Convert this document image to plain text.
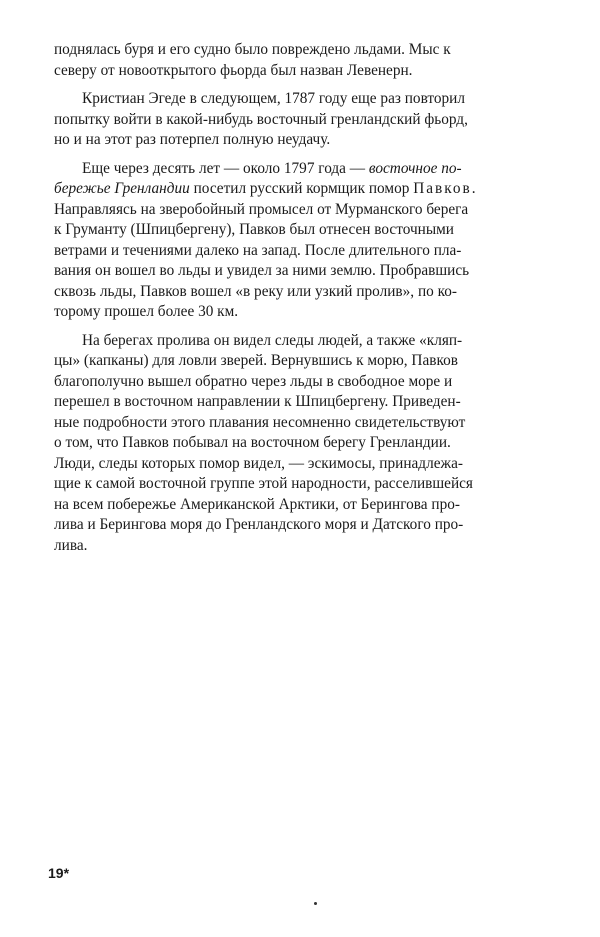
поднялась буря и его судно было повреждено льдами. Мыс к
северу от новооткрытого фьорда был назван Левенерн.

Кристиан Эгеде в следующем, 1787 году еще раз повторил
попытку войти в какой-нибудь восточный гренландский фьорд,
но и на этот раз потерпел полную неудачу.

Еще через десять лет — около 1797 года — восточное по-
бережье Гренландии посетил русский кормщик помор Павков.
Направляясь на зверобойный промысел от Мурманского берега
к Груманту (Шпицбергену), Павков был отнесен восточными
ветрами и течениями далеко на запад. После длительного пла-
вания он вошел во льды и увидел за ними землю. Пробравшись
сквозь льды, Павков вошел «в реку или узкий пролив», по ко-
торому прошел более 30 км.

На берегах пролива он видел следы людей, а также «кляп-
цы» (капканы) для ловли зверей. Вернувшись к морю, Павков
благополучно вышел обратно через льды в свободное море и
перешел в восточном направлении к Шпицбергену. Приведен-
ные подробности этого плавания несомненно свидетельствуют
о том, что Павков побывал на восточном берегу Гренландии.
Люди, следы которых помор видел, — эскимосы, принадлежа-
щие к самой восточной группе этой народности, расселившейся
на всем побережье Американской Арктики, от Берингова про-
лива и Берингова моря до Гренландского моря и Датского про-
лива.

19*
